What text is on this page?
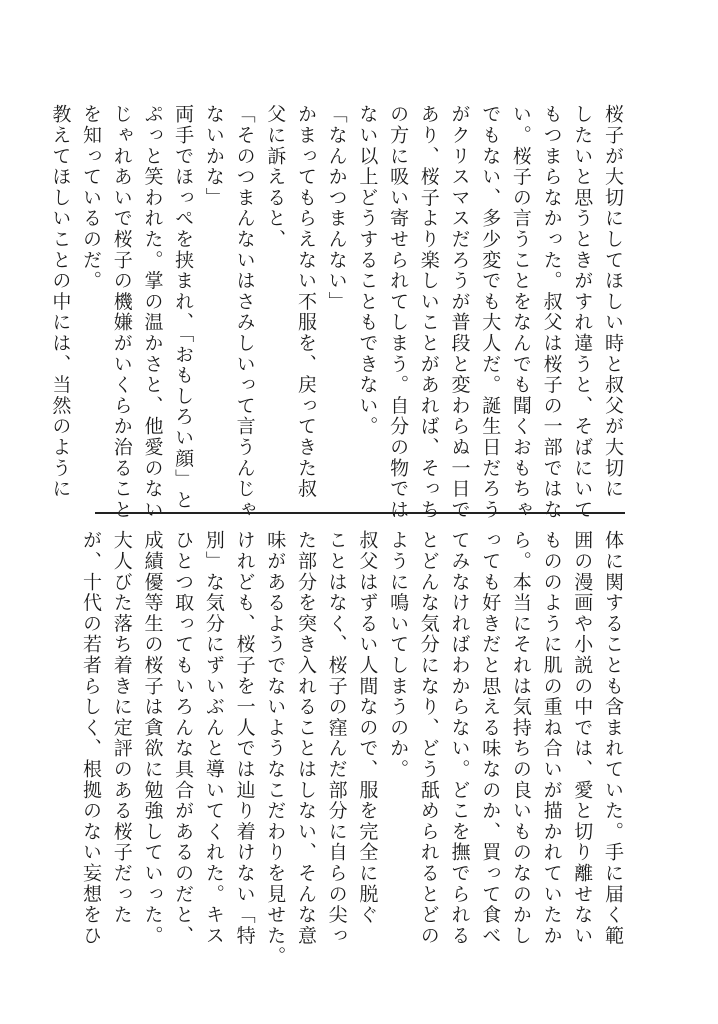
桜子が大切にしてほしい時と叔父が大切に
したいと思うときがすれ違うと、そばにいて
もつまらなかった。叔父は桜子の一部ではな
い。桜子の言うことをなんでも聞くおもちゃ
でもない、多少変でも大人だ。誕生日だろう
がクリスマスだろうが普段と変わらぬ一日で
あり、桜子より楽しいことがあれば、そっち
の方に吸い寄せられてしまう。自分の物では
ない以上どうすることもできない。
「なんかつまんない」
かまってもらえない不服を、戻ってきた叔
父に訴えると、
「そのつまんないはさみしいって言うんじゃ
ないかな」
両手でほっぺを挟まれ、「おもしろい顔」と
ぷっと笑われた。掌の温かさと、他愛のない
じゃれあいで桜子の機嫌がいくらか治ること
を知っているのだ。
教えてほしいことの中には、当然のように
体に関することも含まれていた。手に届く範
囲の漫画や小説の中では、愛と切り離せない
もののように肌の重ね合いが描かれていたか
ら。本当にそれは気持ちの良いものなのかし
っても好きだと思える味なのか、買って食べ
てみなければわからない。どこを撫でられる
とどんな気分になり、どう舐められるとどの
ように鳴いてしまうのか。
叔父はずるい人間なので、服を完全に脱ぐ
ことはなく、桜子の窪んだ部分に自らの尖っ
た部分を突き入れることはしない、そんな意
味があるようでないようなこだわりを見せた。
けれども、桜子を一人では辿り着けない「特
別」な気分にずいぶんと導いてくれた。キス
ひとつ取ってもいろんな具合があるのだと、
成績優等生の桜子は貪欲に勉強していった。
大人びた落ち着きに定評のある桜子だった
が、十代の若者らしく、根拠のない妄想をひ
